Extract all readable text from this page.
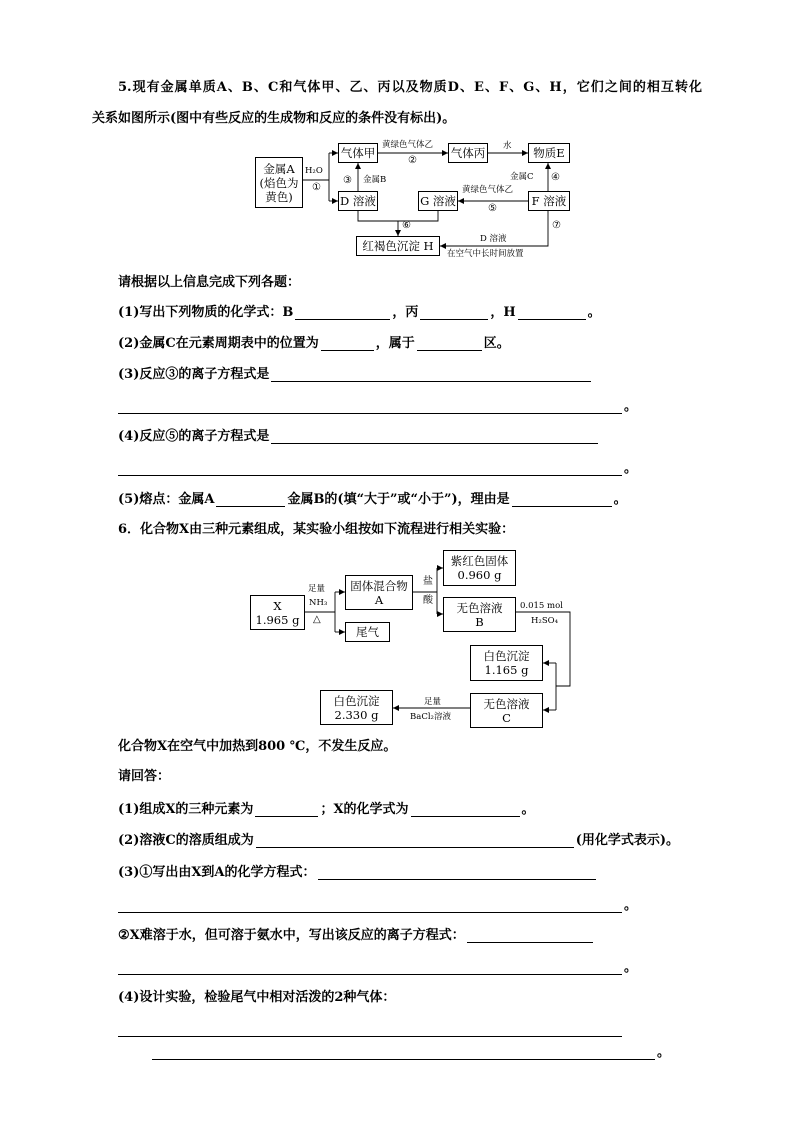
5.现有金属单质A、B、C和气体甲、乙、丙以及物质D、E、F、G、H，它们之间的相互转化
关系如图所示(图中有些反应的生成物和反应的条件没有标出)。
金属A
(焰色为
黄色)
气体甲	气体丙	物质E
D 溶液	G 溶液	F 溶液
红褐色沉淀 H
H₂O
①
黄绿色气体乙
②
水
③ 金属B	金属C ④
黄绿色气体乙
⑤
⑥	⑦
D 溶液
在空气中长时间放置
请根据以上信息完成下列各题：
(1)写出下列物质的化学式：B	，丙	，H	。
(2)金属C在元素周期表中的位置为	，属于	区。
(3)反应③的离子方程式是
。
(4)反应⑤的离子方程式是
。
(5)熔点：金属A	金属B的(填“大于”或“小于”)，理由是	。
6．化合物X由三种元素组成，某实验小组按如下流程进行相关实验：
X
1.965 g
固体混合物
A
尾气
紫红色固体
0.960 g
无色溶液
B
白色沉淀
1.165 g
无色溶液
C
白色沉淀
2.330 g
足量
NH₃
△
盐
酸	0.015 mol
H₂SO₄
足量
BaCl₂溶液
化合物X在空气中加热到800 ℃，不发生反应。
请回答：
(1)组成X的三种元素为	；X的化学式为	。
(2)溶液C的溶质组成为	(用化学式表示)。
(3)①写出由X到A的化学方程式：
。
②X难溶于水，但可溶于氨水中，写出该反应的离子方程式：
。
(4)设计实验，检验尾气中相对活泼的2种气体：
。
